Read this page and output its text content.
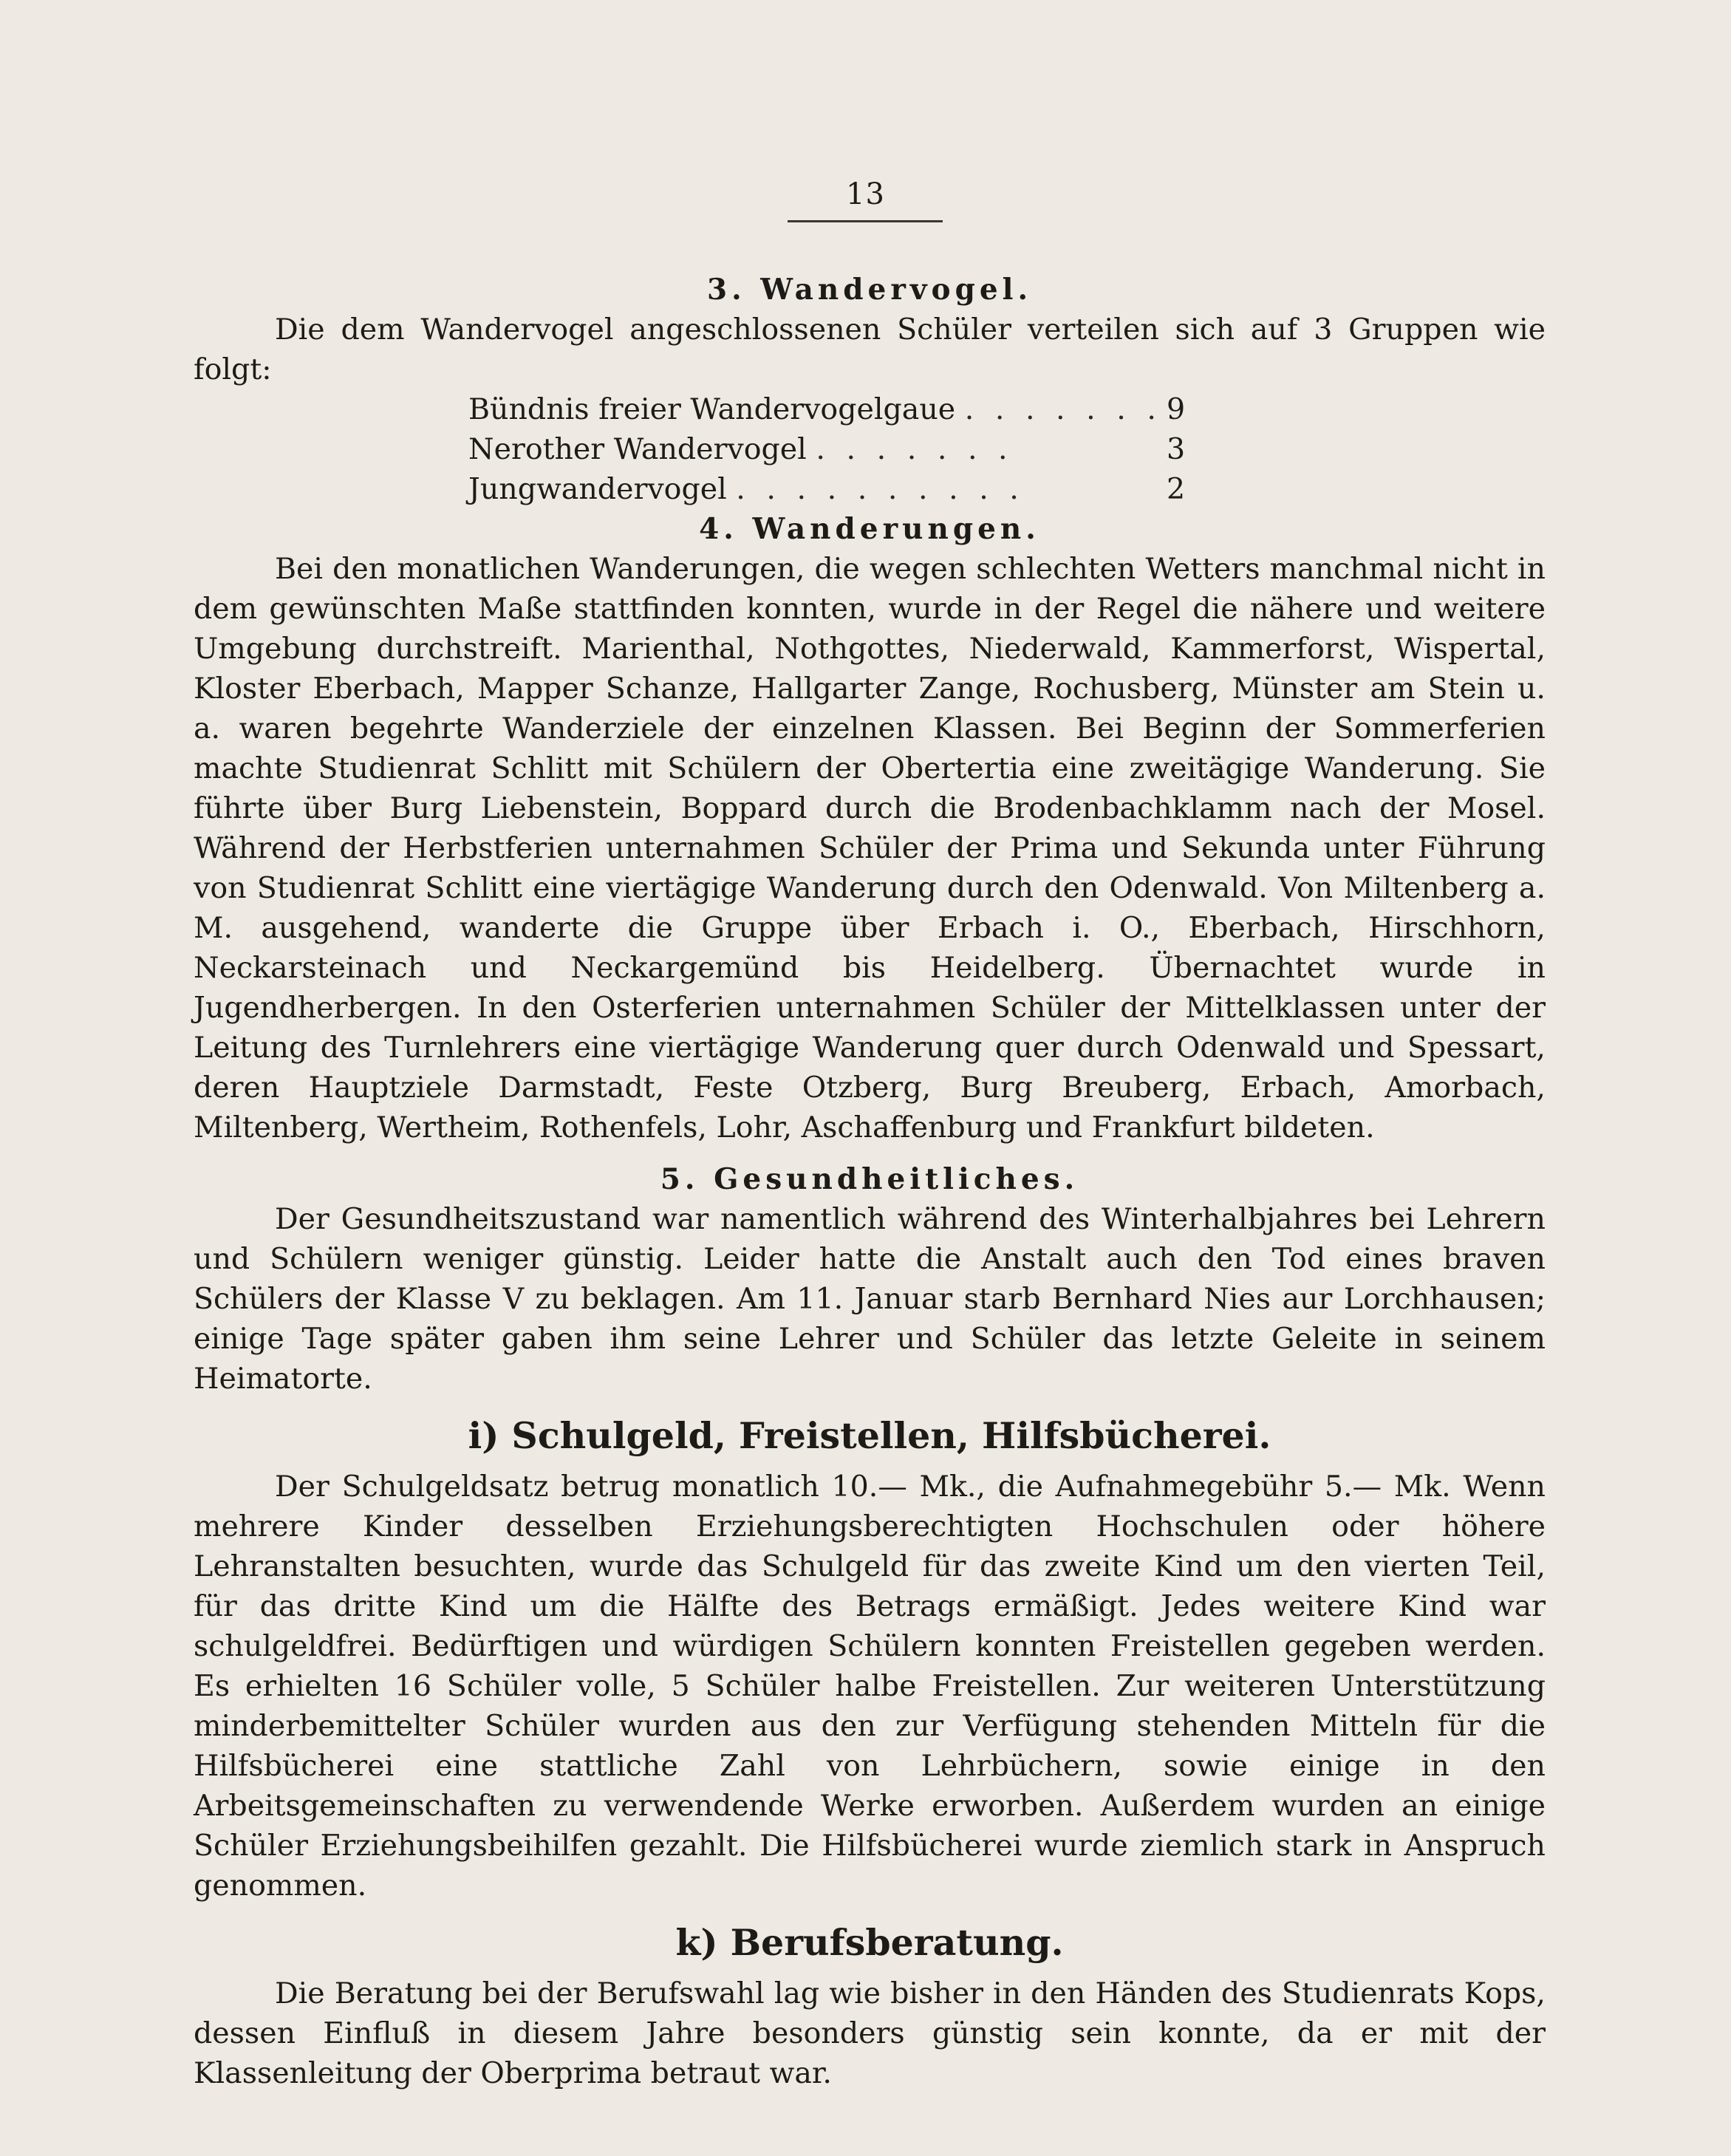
13
3. Wandervogel.

Die dem Wandervogel angeschlossenen Schüler verteilen sich auf 3 Gruppen wie folgt:

Bündnis freier Wandervogelgaue . . . . . . .	9
Nerother Wandervogel . . . . . . .	3
Jungwandervogel . . . . . . . . . .	2
4. Wanderungen.

Bei den monatlichen Wanderungen, die wegen schlechten Wetters manchmal nicht in dem gewünschten Maße stattfinden konnten, wurde in der Regel die nähere und weitere Umgebung durchstreift. Marienthal, Nothgottes, Niederwald, Kammerforst, Wispertal, Kloster Eberbach, Mapper Schanze, Hallgarter Zange, Rochusberg, Münster am Stein u. a. waren begehrte Wanderziele der einzelnen Klassen. Bei Beginn der Sommerferien machte Studienrat Schlitt mit Schülern der Obertertia eine zweitägige Wanderung. Sie führte über Burg Liebenstein, Boppard durch die Brodenbachklamm nach der Mosel. Während der Herbstferien unternahmen Schüler der Prima und Sekunda unter Führung von Studienrat Schlitt eine viertägige Wanderung durch den Odenwald. Von Miltenberg a. M. ausgehend, wanderte die Gruppe über Erbach i. O., Eberbach, Hirschhorn, Neckarsteinach und Neckargemünd bis Heidelberg. Übernachtet wurde in Jugendherbergen. In den Osterferien unternahmen Schüler der Mittelklassen unter der Leitung des Turnlehrers eine viertägige Wanderung quer durch Odenwald und Spessart, deren Hauptziele Darmstadt, Feste Otzberg, Burg Breuberg, Erbach, Amorbach, Miltenberg, Wertheim, Rothenfels, Lohr, Aschaffenburg und Frankfurt bildeten.

5. Gesundheitliches.

Der Gesundheitszustand war namentlich während des Winterhalbjahres bei Lehrern und Schülern weniger günstig. Leider hatte die Anstalt auch den Tod eines braven Schülers der Klasse V zu beklagen. Am 11. Januar starb Bernhard Nies aur Lorchhausen; einige Tage später gaben ihm seine Lehrer und Schüler das letzte Geleite in seinem Heimatorte.

i) Schulgeld, Freistellen, Hilfsbücherei.

Der Schulgeldsatz betrug monatlich 10.— Mk., die Aufnahmegebühr 5.— Mk. Wenn mehrere Kinder desselben Erziehungsberechtigten Hochschulen oder höhere Lehranstalten besuchten, wurde das Schulgeld für das zweite Kind um den vierten Teil, für das dritte Kind um die Hälfte des Betrags ermäßigt. Jedes weitere Kind war schulgeldfrei. Bedürftigen und würdigen Schülern konnten Freistellen gegeben werden. Es erhielten 16 Schüler volle, 5 Schüler halbe Freistellen. Zur weiteren Unterstützung minderbemittelter Schüler wurden aus den zur Verfügung stehenden Mitteln für die Hilfsbücherei eine stattliche Zahl von Lehrbüchern, sowie einige in den Arbeitsgemeinschaften zu verwendende Werke erworben. Außerdem wurden an einige Schüler Erziehungsbeihilfen gezahlt. Die Hilfsbücherei wurde ziemlich stark in Anspruch genommen.

k) Berufsberatung.

Die Beratung bei der Berufswahl lag wie bisher in den Händen des Studienrats Kops, dessen Einfluß in diesem Jahre besonders günstig sein konnte, da er mit der Klassenleitung der Oberprima betraut war.
